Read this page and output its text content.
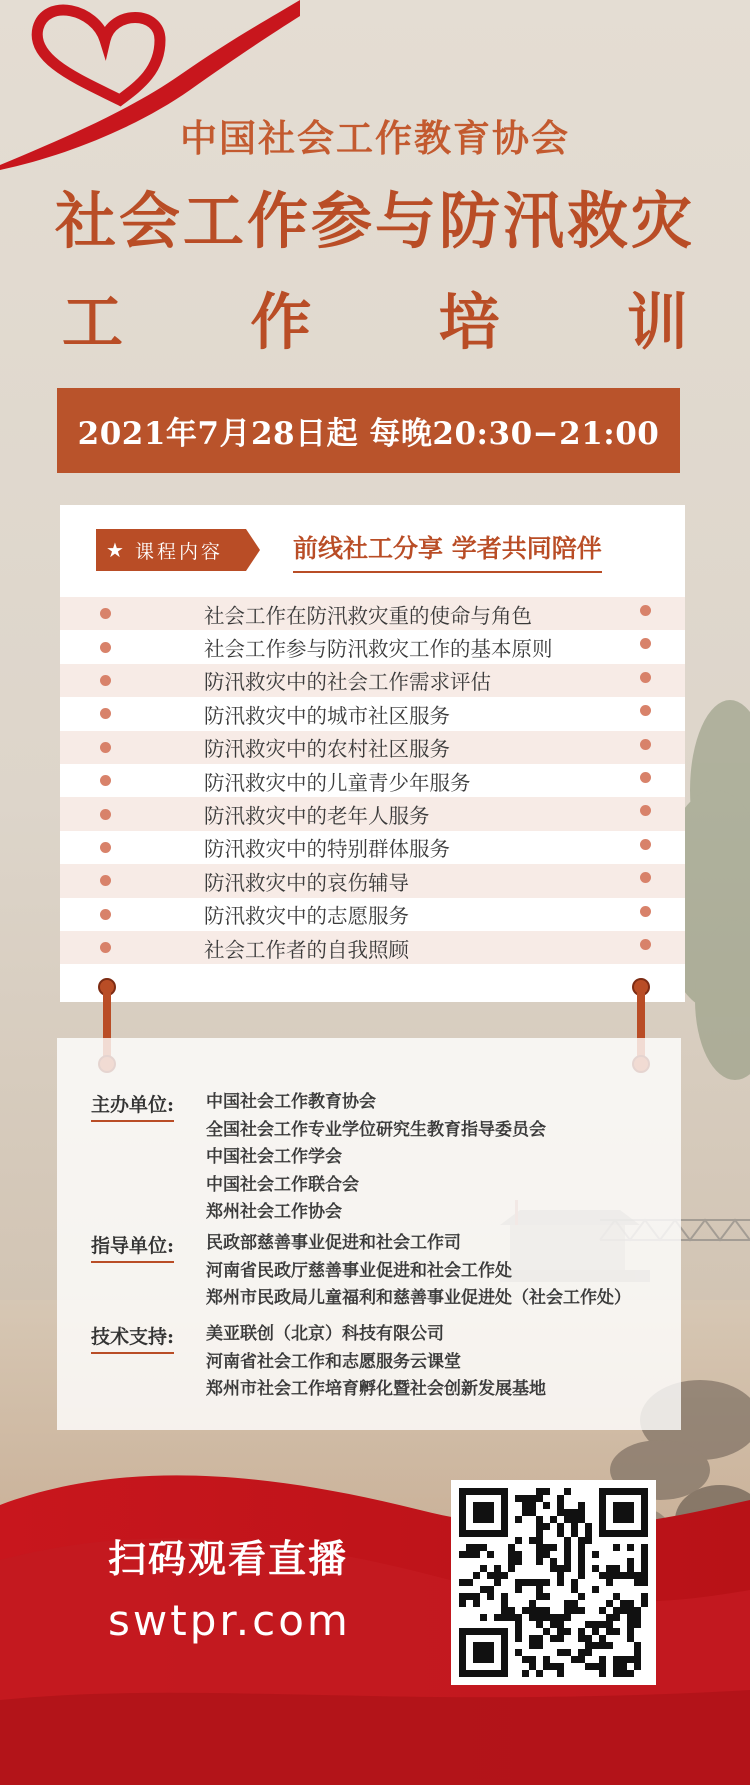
中国社会工作教育协会
社会工作参与防汛救灾
工 作 培 训
2021年7月28日起 每晚20:30−21:00
★ 课程内容	前线社工分享 学者共同陪伴
社会工作在防汛救灾重的使命与角色
社会工作参与防汛救灾工作的基本原则
防汛救灾中的社会工作需求评估
防汛救灾中的城市社区服务
防汛救灾中的农村社区服务
防汛救灾中的儿童青少年服务
防汛救灾中的老年人服务
防汛救灾中的特别群体服务
防汛救灾中的哀伤辅导
防汛救灾中的志愿服务
社会工作者的自我照顾
主办单位: 中国社会工作教育协会
全国社会工作专业学位研究生教育指导委员会
中国社会工作学会
中国社会工作联合会
郑州社会工作协会
指导单位: 民政部慈善事业促进和社会工作司
河南省民政厅慈善事业促进和社会工作处
郑州市民政局儿童福利和慈善事业促进处（社会工作处）
技术支持: 美亚联创（北京）科技有限公司
河南省社会工作和志愿服务云课堂
郑州市社会工作培育孵化暨社会创新发展基地
扫码观看直播
swtpr.com
